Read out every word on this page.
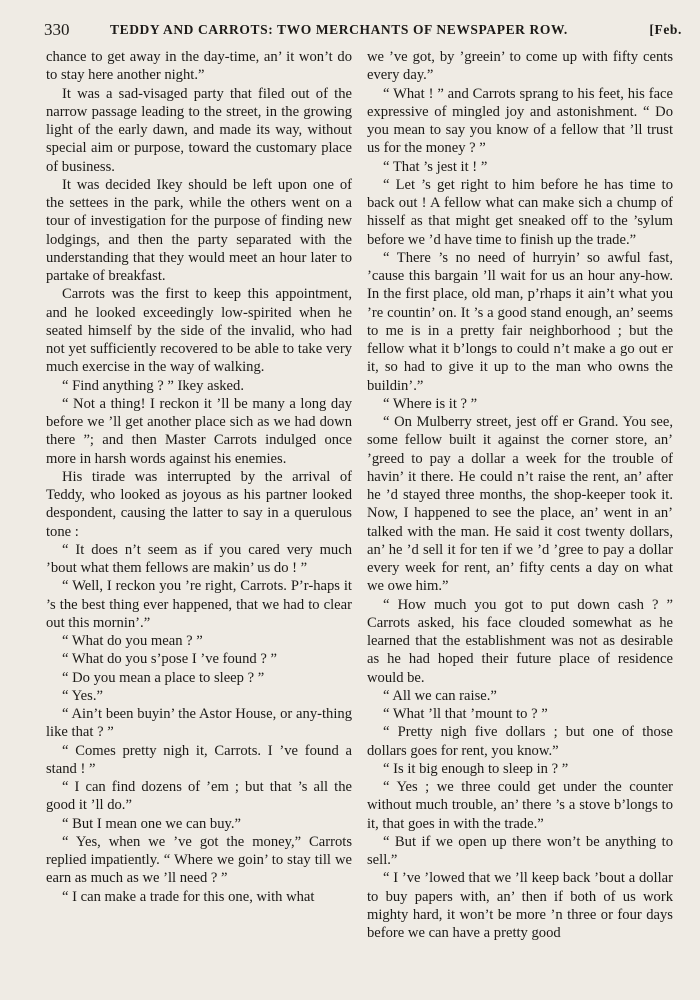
330	TEDDY AND CARROTS: TWO MERCHANTS OF NEWSPAPER ROW.	[Feb.

chance to get away in the day-time, an’ it won’t do to stay here another night.”

It was a sad-visaged party that filed out of the narrow passage leading to the street, in the growing light of the early dawn, and made its way, without special aim or purpose, toward the customary place of business.

It was decided Ikey should be left upon one of the settees in the park, while the others went on a tour of investigation for the purpose of finding new lodgings, and then the party separated with the understanding that they would meet an hour later to partake of breakfast.

Carrots was the first to keep this appointment, and he looked exceedingly low-spirited when he seated himself by the side of the invalid, who had not yet sufficiently recovered to be able to take very much exercise in the way of walking.

“ Find anything ? ” Ikey asked.

“ Not a thing! I reckon it ’ll be many a long day before we ’ll get another place sich as we had down there ”; and then Master Carrots indulged once more in harsh words against his enemies.

His tirade was interrupted by the arrival of Teddy, who looked as joyous as his partner looked despondent, causing the latter to say in a querulous tone :

“ It does n’t seem as if you cared very much ’bout what them fellows are makin’ us do ! ”

“ Well, I reckon you ’re right, Carrots. P’r-haps it ’s the best thing ever happened, that we had to clear out this mornin’.”

“ What do you mean ? ”

“ What do you s’pose I ’ve found ? ”

“ Do you mean a place to sleep ? ”

“ Yes.”

“ Ain’t been buyin’ the Astor House, or any-thing like that ? ”

“ Comes pretty nigh it, Carrots. I ’ve found a stand ! ”

“ I can find dozens of ’em ; but that ’s all the good it ’ll do.”

“ But I mean one we can buy.”

“ Yes, when we ’ve got the money,” Carrots replied impatiently. “ Where we goin’ to stay till we earn as much as we ’ll need ? ”

“ I can make a trade for this one, with what

we ’ve got, by ’greein’ to come up with fifty cents every day.”

“ What ! ” and Carrots sprang to his feet, his face expressive of mingled joy and astonishment. “ Do you mean to say you know of a fellow that ’ll trust us for the money ? ”

“ That ’s jest it ! ”

“ Let ’s get right to him before he has time to back out ! A fellow what can make sich a chump of hisself as that might get sneaked off to the ’sylum before we ’d have time to finish up the trade.”

“ There ’s no need of hurryin’ so awful fast, ’cause this bargain ’ll wait for us an hour any-how. In the first place, old man, p’rhaps it ain’t what you ’re countin’ on. It ’s a good stand enough, an’ seems to me is in a pretty fair neighborhood ; but the fellow what it b’longs to could n’t make a go out er it, so had to give it up to the man who owns the buildin’.”

“ Where is it ? ”

“ On Mulberry street, jest off er Grand. You see, some fellow built it against the corner store, an’ ’greed to pay a dollar a week for the trouble of havin’ it there. He could n’t raise the rent, an’ after he ’d stayed three months, the shop-keeper took it. Now, I happened to see the place, an’ went in an’ talked with the man. He said it cost twenty dollars, an’ he ’d sell it for ten if we ’d ’gree to pay a dollar every week for rent, an’ fifty cents a day on what we owe him.”

“ How much you got to put down cash ? ” Carrots asked, his face clouded somewhat as he learned that the establishment was not as desirable as he had hoped their future place of residence would be.

“ All we can raise.”

“ What ’ll that ’mount to ? ”

“ Pretty nigh five dollars ; but one of those dollars goes for rent, you know.”

“ Is it big enough to sleep in ? ”

“ Yes ; we three could get under the counter without much trouble, an’ there ’s a stove b’longs to it, that goes in with the trade.”

“ But if we open up there won’t be anything to sell.”

“ I ’ve ’lowed that we ’ll keep back ’bout a dollar to buy papers with, an’ then if both of us work mighty hard, it won’t be more ’n three or four days before we can have a pretty good
